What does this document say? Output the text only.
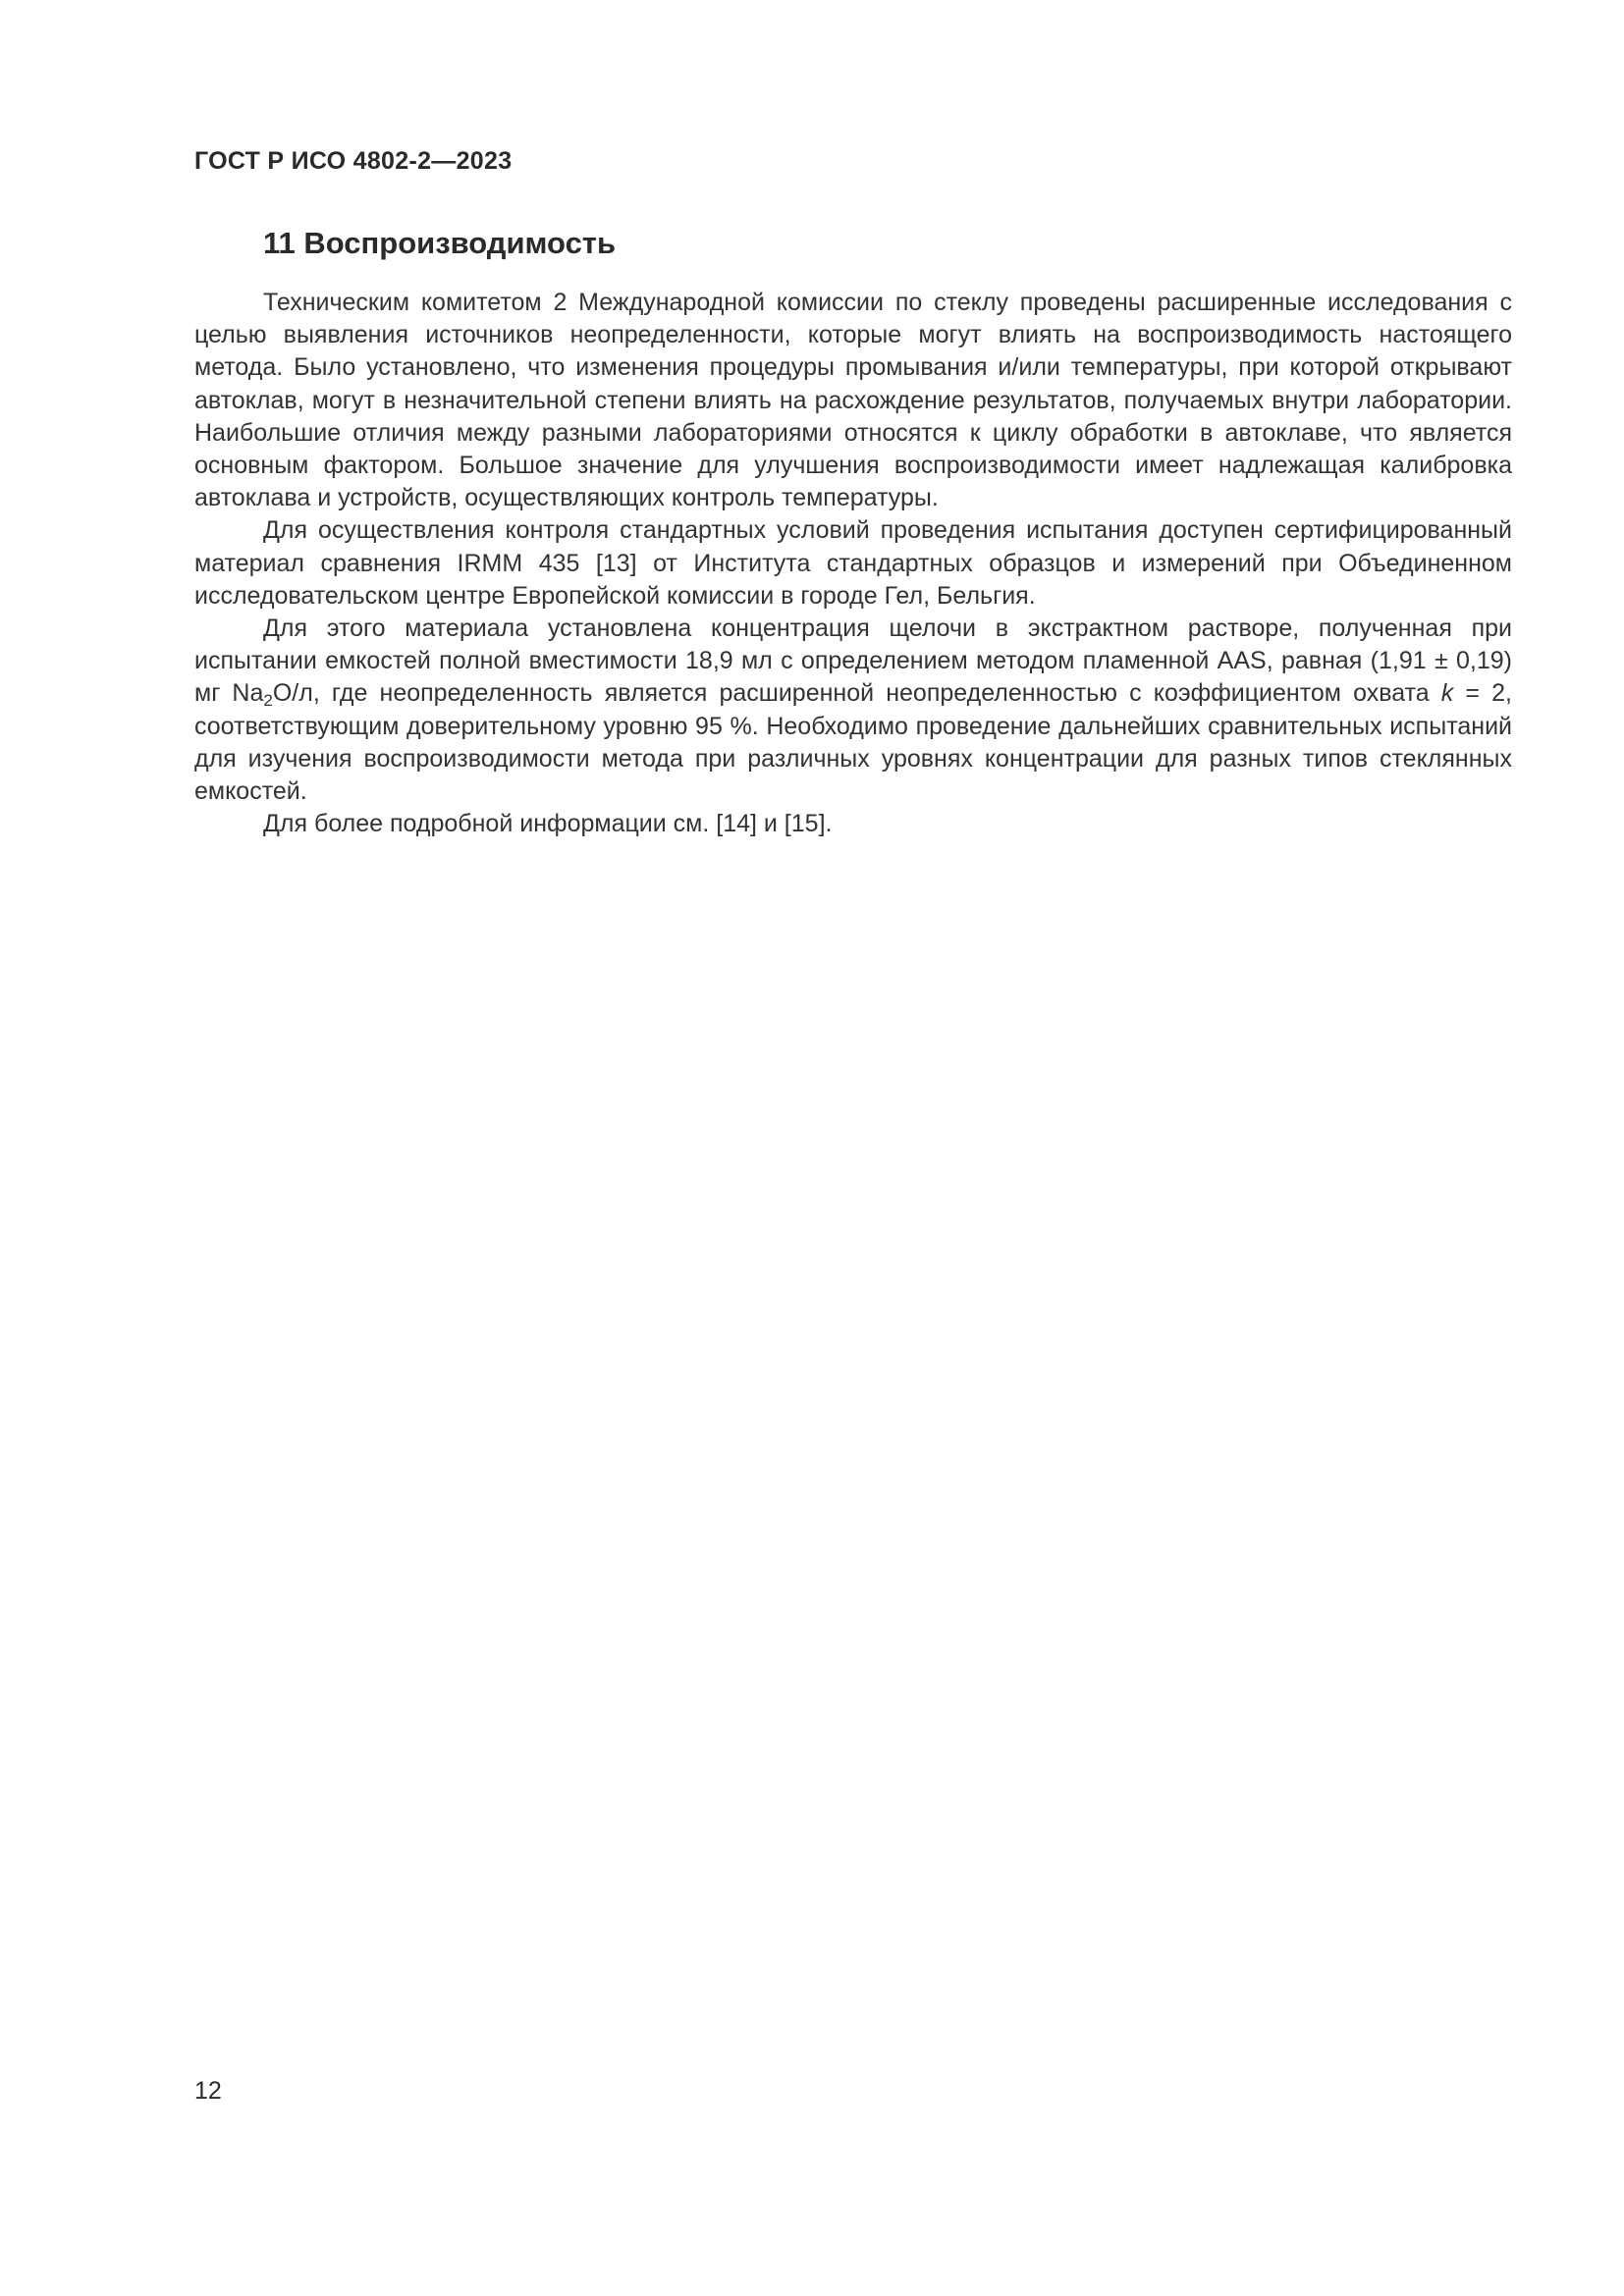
ГОСТ Р ИСО 4802-2—2023
11 Воспроизводимость

Техническим комитетом 2 Международной комиссии по стеклу проведены расширенные исследования с целью выявления источников неопределенности, которые могут влиять на воспроизводимость настоящего метода. Было установлено, что изменения процедуры промывания и/или температуры, при которой открывают автоклав, могут в незначительной степени влиять на расхождение результатов, получаемых внутри лаборатории. Наибольшие отличия между разными лабораториями относятся к циклу обработки в автоклаве, что является основным фактором. Большое значение для улучшения воспроизводимости имеет надлежащая калибровка автоклава и устройств, осуществляющих контроль температуры.

Для осуществления контроля стандартных условий проведения испытания доступен сертифицированный материал сравнения IRMM 435 [13] от Института стандартных образцов и измерений при Объединенном исследовательском центре Европейской комиссии в городе Гел, Бельгия.

Для этого материала установлена концентрация щелочи в экстрактном растворе, полученная при испытании емкостей полной вместимости 18,9 мл с определением методом пламенной AAS, равная (1,91 ± 0,19) мг $Na_2O/л$, где неопределенность является расширенной неопределенностью с коэффициентом охвата k = 2, соответствующим доверительному уровню 95 %. Необходимо проведение дальнейших сравнительных испытаний для изучения воспроизводимости метода при различных уровнях концентрации для разных типов стеклянных емкостей.

Для более подробной информации см. [14] и [15].

12
